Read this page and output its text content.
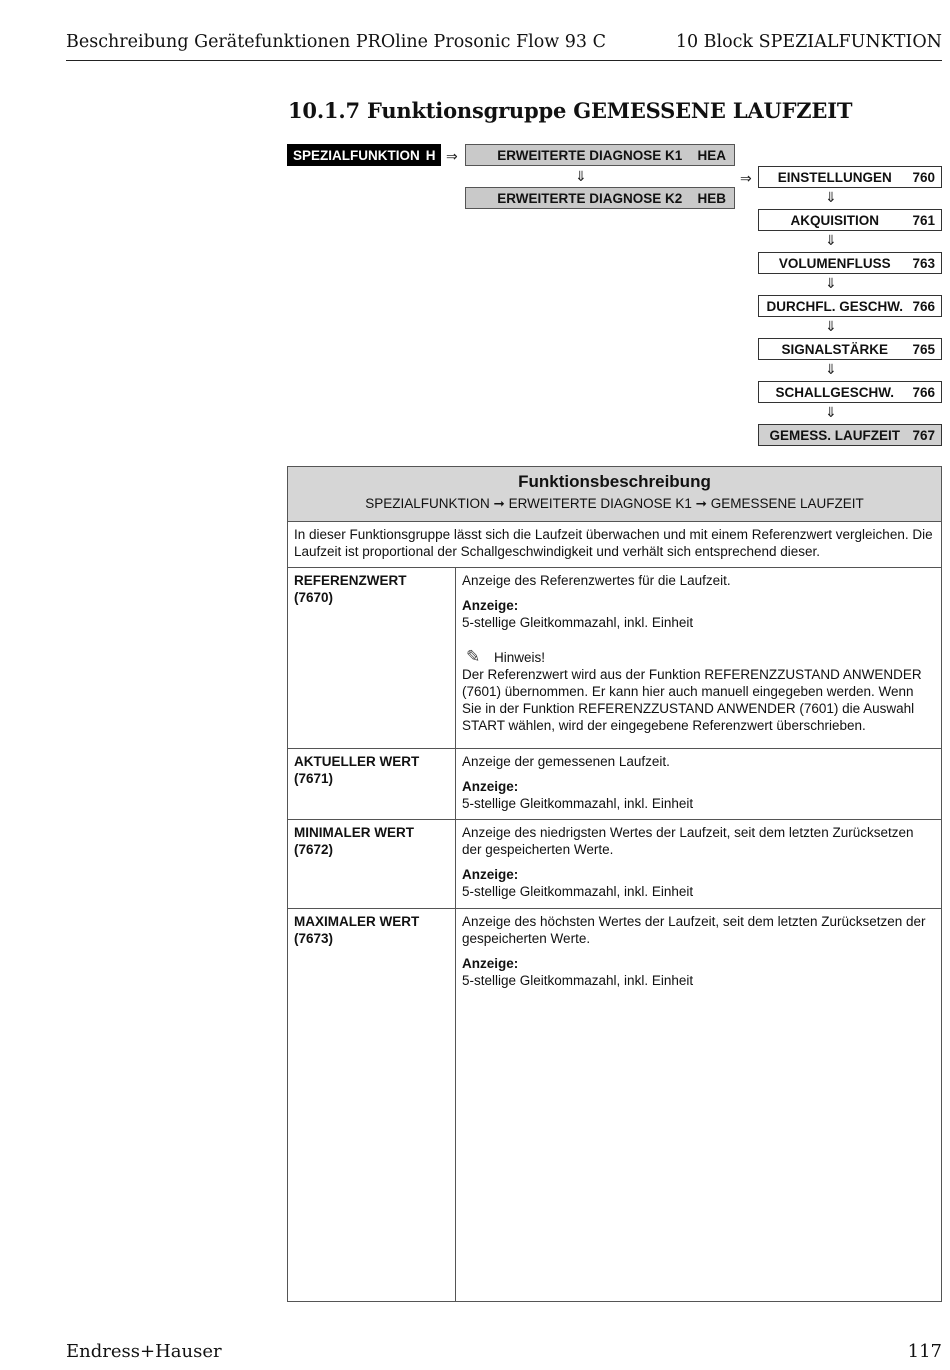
Beschreibung Gerätefunktionen PROline Prosonic Flow 93 C	10 Block SPEZIALFUNKTION
10.1.7 Funktionsgruppe GEMESSENE LAUFZEIT
SPEZIALFUNKTION H ⇒	ERWEITERTE DIAGNOSE K1	HEA
⇓
ERWEITERTE DIAGNOSE K2	HEB
⇒	EINSTELLUNGEN	760
⇓
AKQUISITION	761
⇓
VOLUMENFLUSS	763
⇓
DURCHFL. GESCHW. 766
⇓
SIGNALSTÄRKE	765
⇓
SCHALLGESCHW.	766
⇓
GEMESS. LAUFZEIT 767
Funktionsbeschreibung
SPEZIALFUNKTION ➞ ERWEITERTE DIAGNOSE K1 ➞ GEMESSENE LAUFZEIT
In dieser Funktionsgruppe lässt sich die Laufzeit überwachen und mit einem Referenzwert vergleichen. Die Laufzeit ist proportional der Schallgeschwindigkeit und verhält sich entsprechend dieser.
REFERENZWERT
(7670)

Anzeige des Referenzwertes für die Laufzeit.

Anzeige:

5-stellige Gleitkommazahl, inkl. Einheit

✎ Hinweis!

Der Referenzwert wird aus der Funktion REFERENZZUSTAND ANWENDER (7601) übernommen. Er kann hier auch manuell eingegeben werden. Wenn Sie in der Funktion REFERENZZUSTAND ANWENDER (7601) die Auswahl START wählen, wird der eingegebene Referenzwert überschrieben.

AKTUELLER WERT
(7671)

Anzeige der gemessenen Laufzeit.

Anzeige:

5-stellige Gleitkommazahl, inkl. Einheit

MINIMALER WERT
(7672)

Anzeige des niedrigsten Wertes der Laufzeit, seit dem letzten Zurücksetzen der gespeicherten Werte.

Anzeige:

5-stellige Gleitkommazahl, inkl. Einheit

MAXIMALER WERT
(7673)

Anzeige des höchsten Wertes der Laufzeit, seit dem letzten Zurücksetzen der gespeicherten Werte.

Anzeige:

5-stellige Gleitkommazahl, inkl. Einheit

Endress+Hauser	117
